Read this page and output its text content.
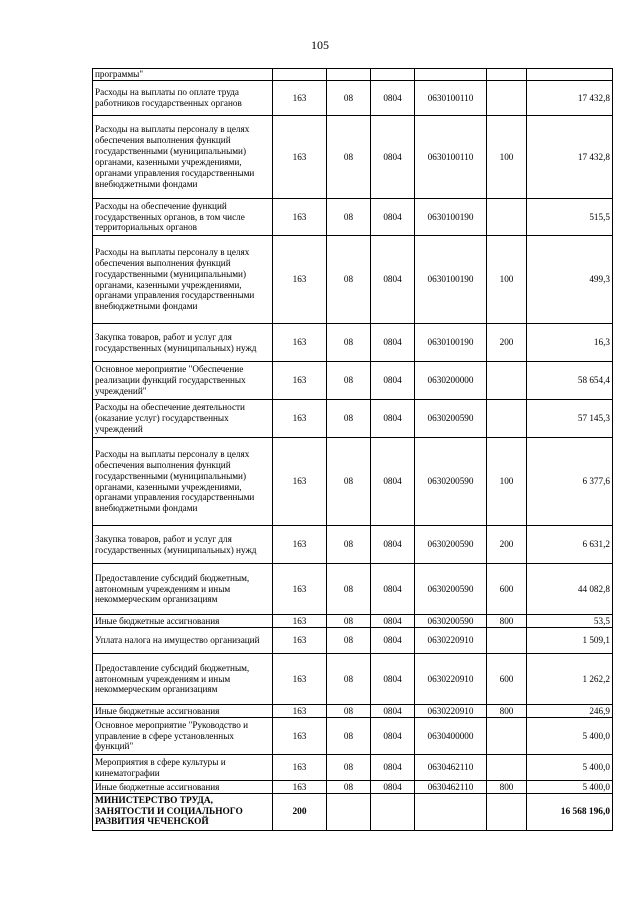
105
программы"						
Расходы на выплаты по оплате труда работников государственных органов	163	08	0804	0630100110		17 432,8
Расходы на выплаты персоналу в целях обеспечения выполнения функций государственными (муниципальными) органами, казенными учреждениями, органами управления государственными внебюджетными фондами	163	08	0804	0630100110	100	17 432,8
Расходы на обеспечение функций государственных органов, в том числе территориальных органов	163	08	0804	0630100190		515,5
Расходы на выплаты персоналу в целях обеспечения выполнения функций государственными (муниципальными) органами, казенными учреждениями, органами управления государственными внебюджетными фондами	163	08	0804	0630100190	100	499,3
Закупка товаров, работ и услуг для государственных (муниципальных) нужд	163	08	0804	0630100190	200	16,3
Основное мероприятие "Обеспечение реализации функций государственных учреждений"	163	08	0804	0630200000		58 654,4
Расходы на обеспечение деятельности (оказание услуг) государственных учреждений	163	08	0804	0630200590		57 145,3
Расходы на выплаты персоналу в целях обеспечения выполнения функций государственными (муниципальными) органами, казенными учреждениями, органами управления государственными внебюджетными фондами	163	08	0804	0630200590	100	6 377,6
Закупка товаров, работ и услуг для государственных (муниципальных) нужд	163	08	0804	0630200590	200	6 631,2
Предоставление субсидий бюджетным, автономным учреждениям и иным некоммерческим организациям	163	08	0804	0630200590	600	44 082,8
Иные бюджетные ассигнования	163	08	0804	0630200590	800	53,5
Уплата налога на имущество организаций	163	08	0804	0630220910		1 509,1
Предоставление субсидий бюджетным, автономным учреждениям и иным некоммерческим организациям	163	08	0804	0630220910	600	1 262,2
Иные бюджетные ассигнования	163	08	0804	0630220910	800	246,9
Основное мероприятие "Руководство и управление в сфере установленных функций"	163	08	0804	0630400000		5 400,0
Мероприятия в сфере культуры и кинематографии	163	08	0804	0630462110		5 400,0
Иные бюджетные ассигнования	163	08	0804	0630462110	800	5 400,0
МИНИСТЕРСТВО ТРУДА, ЗАНЯТОСТИ И СОЦИАЛЬНОГО РАЗВИТИЯ ЧЕЧЕНСКОЙ	200					16 568 196,0
